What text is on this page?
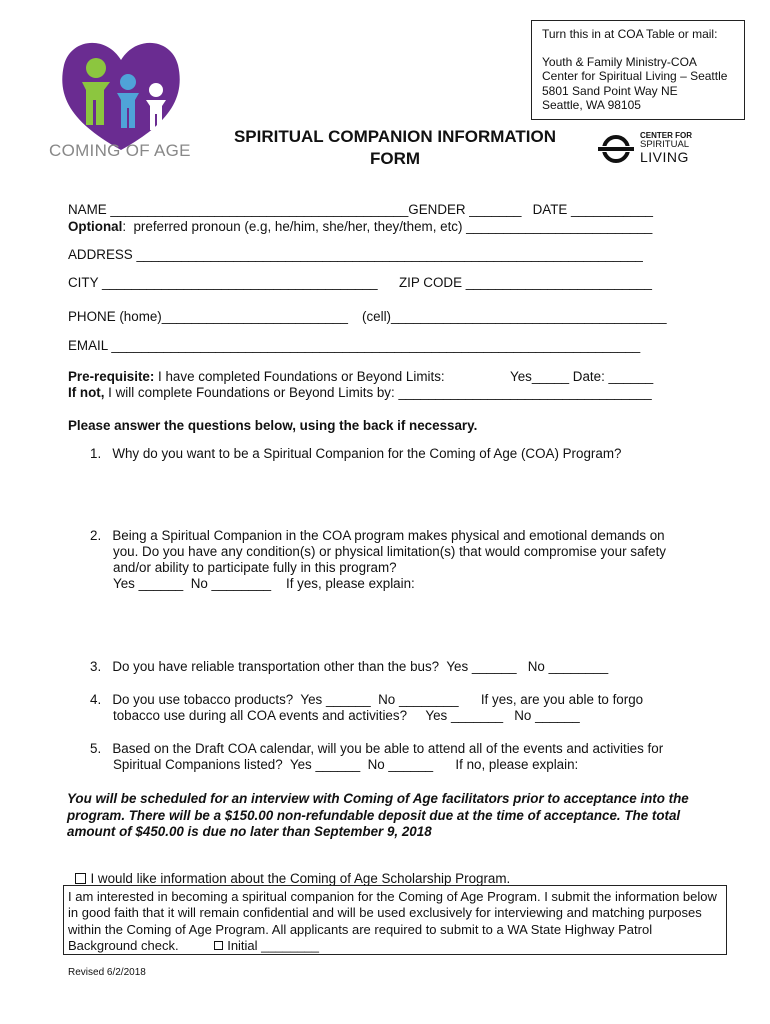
Turn this in at COA Table or mail:
Youth & Family Ministry-COA
Center for Spiritual Living – Seattle
5801 Sand Point Way NE
Seattle, WA 98105
COMING OF AGE
SPIRITUAL COMPANION INFORMATION
FORM
CENTER FOR
SPIRITUAL
LIVING
NAME ________________________________________GENDER _______   DATE ___________
Optional:  preferred pronoun (e.g, he/him, she/her, they/them, etc) _________________________
ADDRESS ____________________________________________________________________
CITY _____________________________________ ZIP CODE _________________________
PHONE (home)_________________________ (cell)_____________________________________
EMAIL _______________________________________________________________________
Pre-requisite: I have completed Foundations or Beyond Limits:	Yes_____ Date: ______
If not, I will complete Foundations or Beyond Limits by: __________________________________
Please answer the questions below, using the back if necessary.
1.   Why do you want to be a Spiritual Companion for the Coming of Age (COA) Program?
2.   Being a Spiritual Companion in the COA program makes physical and emotional demands on
you. Do you have any condition(s) or physical limitation(s) that would compromise your safety
and/or ability to participate fully in this program?
Yes ______  No ________    If yes, please explain:
3.   Do you have reliable transportation other than the bus?  Yes ______   No ________
4.   Do you use tobacco products?  Yes ______  No ________      If yes, are you able to forgo
tobacco use during all COA events and activities?     Yes _______   No ______
5.   Based on the Draft COA calendar, will you be able to attend all of the events and activities for
Spiritual Companions listed?  Yes ______  No ______      If no, please explain:
You will be scheduled for an interview with Coming of Age facilitators prior to acceptance into the program. There will be a $150.00 non-refundable deposit due at the time of acceptance. The total amount of $450.00 is due no later than September 9, 2018

I would like information about the Coming of Age Scholarship Program.

I am interested in becoming a spiritual companion for the Coming of Age Program. I submit the information below in good faith that it will remain confidential and will be used exclusively for interviewing and matching purposes within the Coming of Age Program. All applicants are required to submit to a WA State Highway Patrol Background check.	Initial ________
Revised 6/2/2018
